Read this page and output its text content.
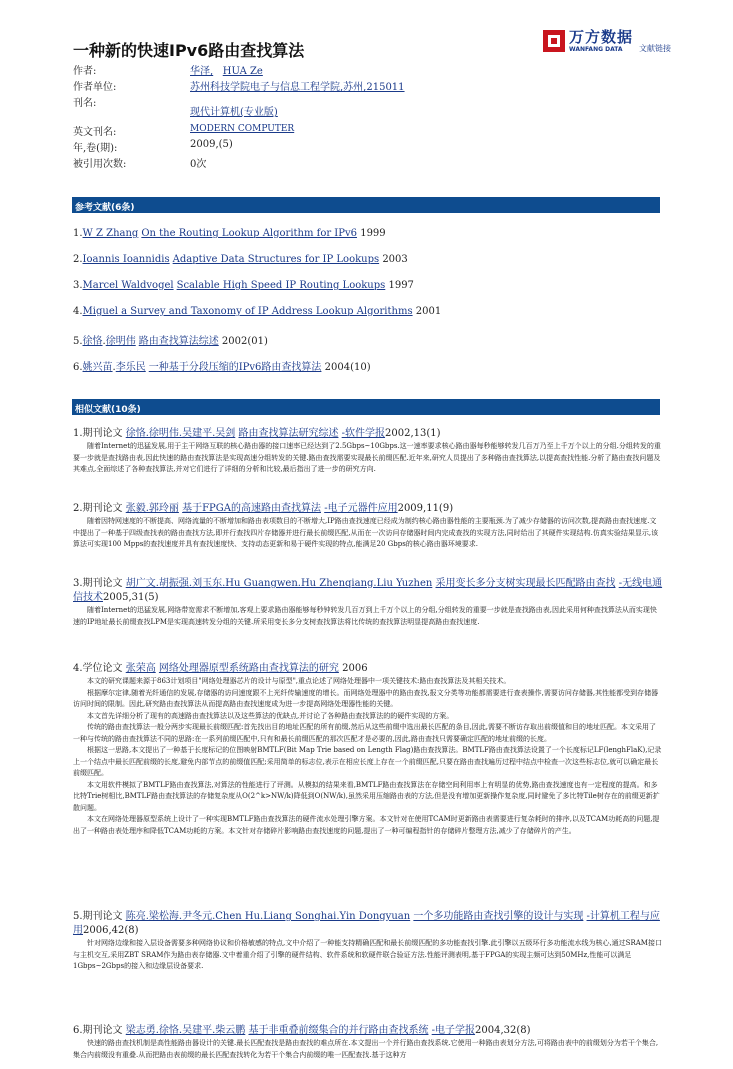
一种新的快速IPv6路由查找算法
万方数据
WANFANG DATA	文献链接
作者:	华泽, HUA Ze
作者单位:	苏州科技学院电子与信息工程学院,苏州,215011
刊名:
现代计算机(专业版)
英文刊名:	MODERN COMPUTER
年,卷(期):	2009,(5)
被引用次数:	0次
参考文献(6条)
1.W Z Zhang On the Routing Lookup Algorithm for IPv6 1999
2.Ioannis Ioannidis Adaptive Data Structures for IP Lookups 2003
3.Marcel Waldvogel Scalable High Speed IP Routing Lookups 1997
4.Miguel a Survey and Taxonomy of IP Address Lookup Algorithms 2001
5.徐恪.徐明伟 路由查找算法综述 2002(01)
6.姚兴苗.李乐民 一种基于分段压缩的IPv6路由查找算法 2004(10)
相似文献(10条)
1.期刊论文 徐恪.徐明伟.吴建平.吴剑 路由查找算法研究综述 -软件学报2002,13(1)

随着Internet的迅猛发展,用于主干网络互联的核心路由器的接口速率已经达到了2.5Gbps~10Gbps.这一速率要求核心路由器每秒能够转发几百万乃至上千万个以上的分组.分组转发的重要一步就是查找路由表,因此快速的路由查找算法是实现高速分组转发的关键.路由查找需要实现最长前缀匹配.近年来,研究人员提出了多种路由查找算法,以提高查找性能.分析了路由查找问题及其难点,全面综述了各种查找算法,并对它们进行了详细的分析和比较,最后指出了进一步的研究方向.

2.期刊论文 张毅.郭玲丽 基于FPGA的高速路由查找算法 -电子元器件应用2009,11(9)

随着因特网速度的不断提高、网络流量的不断增加和路由表项数目的不断增大,IP路由查找速度已经成为制约核心路由器性能的主要瓶颈.为了减少存储器的访问次数,提高路由查找速度.文中提出了一种基于四级查找表的路由查找方法,即并行查找四片存储器并进行最长前缀匹配,从而在一次访问存储器时间内完成查找的实现方法,同时给出了其硬件实现结构.仿真实验结果显示,该算法可实现100 Mpps的查找速度并具有查找速度快、支持动态更新和易于硬件实现的特点,能满足20 Gbps的核心路由器环境要求.

3.期刊论文 胡广文.胡振强.刘玉东.Hu Guangwen.Hu Zhenqiang.Liu Yuzhen 采用变长多分支树实现最长匹配路由查找 -无线电通信技术2005,31(5)

随着Internet的迅猛发展,网络带宽需求不断增加,客观上要求路由器能够每秒钟转发几百万到上千万个以上的分组,分组转发的重要一步就是查找路由表,因此采用何种查找算法从而实现快速的IP地址最长前缀查找LPM是实现高速转发分组的关键.所采用变长多分支树查找算法将比传统的查找算法明显提高路由查找速度.

4.学位论文 张荣高 网络处理器原型系统路由查找算法的研究 2006

本文的研究课题来源于863计划项目"网络处理器芯片的设计与原型",重点论述了网络处理器中一项关键技术:路由查找算法及其相关技术。

根据摩尔定律,随着光纤通信的发展,存储器的访问速度跟不上光纤传输速度的增长。而网络处理器中的路由查找,报文分类等功能都需要进行查表操作,需要访问存储器,其性能都受到存储器访问时间的限制。因此,研究路由查找算法从而提高路由查找速度成为进一步提高网络处理器性能的关键。

本文首先详细分析了现有的高速路由查找算法以及这些算法的优缺点,并讨论了各种路由查找算法的的硬件实现的方案。

传统的路由查找算法一般分两步实现最长前缀匹配:首先找出目的地址匹配的所有前缀,然后从这些前缀中选出最长匹配的条目,因此,需要不断访存取出前缀值和目的地址匹配。本文采用了一种与传统的路由查找算法不同的思路:在一系列前缀匹配中,只有和最长前缀匹配的那次匹配才是必要的,因此,路由查找只需要确定匹配的地址前缀的长度。

根据这一思路,本文提出了一种基于长度标记的位图映射BMTLF(Bit Map Trie based on Length Flag)路由查找算法。BMTLF路由查找算法设置了一个长度标记LF(lenghFlaK),记录上一个结点中最长匹配前缀的长度,避免内部节点的前缀值匹配;采用简单的标志位,表示在相应长度上存在一个前缀匹配,只要在路由查找遍历过程中结点中检查一次这些标志位,就可以确定最长前缀匹配。

本文用软件模拟了BMTLF路由查找算法,对算法的性能进行了评测。从模拟的结果来看,BMTLF路由查找算法在存储空间利用率上有明显的优势,路由查找速度也有一定程度的提高。和多比特Trie树相比,BMTLF路由查找算法的存储复杂度从O(2^k>NW/k)降低到O(NW/k),虽然采用压缩路由表的方法,但是没有增加更新操作复杂度,同时避免了多比特Tile树存在的前缀更新扩散问题。

本文在网络处理器原型系统上设计了一种实现BMTLF路由查找算法的硬件流水处理引擎方案。本文针对在使用TCAM时更新路由表需要进行复杂耗时的排序,以及TCAM功耗高的问题,提出了一种路由表处理序和降低TCAM功耗的方案。本文针对存储碎片影响路由查找速度的问题,提出了一种可编程指针的存储碎片整理方法,减少了存储碎片的产生。

5.期刊论文 陈亮.梁松海.尹冬元.Chen Hu.Liang Songhai.Yin Dongyuan 一个多功能路由查找引擎的设计与实现 -计算机工程与应用2006,42(8)

针对网络边缘和接入层设备需要多种网络协议和价格敏感的特点,文中介绍了一种能支持精确匹配和最长前缀匹配的多功能查找引擎.此引擎以五级环行多功能流水线为核心,通过SRAM接口与主机交互,采用ZBT SRAM作为路由表存储器.文中着重介绍了引擎的硬件结构、软件系统和软硬件联合验证方法.性能评测表明,基于FPGA的实现主频可达到50MHz,性能可以满足1Gbps~2Gbps的接入和边缘层设备要求.

6.期刊论文 梁志勇.徐恪.吴建平.柴云鹏 基于非重叠前缀集合的并行路由查找系统 -电子学报2004,32(8)

快速的路由查找机制是高性能路由器设计的关键.最长匹配查找是路由查找的难点所在.本文提出一个并行路由查找系统.它使用一种路由表划分方法,可将路由表中的前缀划分为若干个集合,集合内前缀没有重叠.从而把路由表前缀的最长匹配查找转化为若干个集合内前缀的唯一匹配查找.基于这种方
